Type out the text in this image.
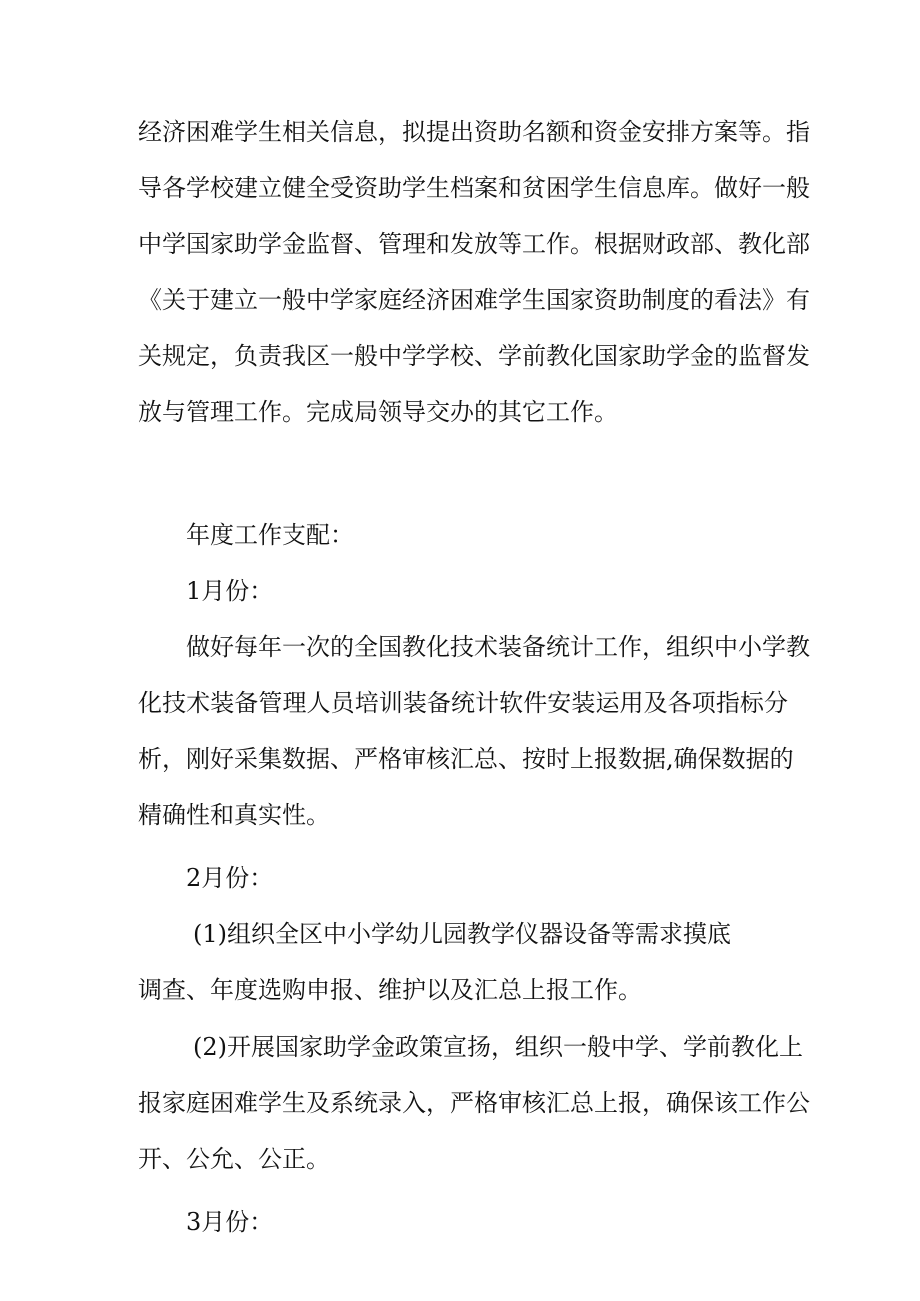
经济困难学生相关信息，拟提出资助名额和资金安排方案等。指
导各学校建立健全受资助学生档案和贫困学生信息库。做好一般
中学国家助学金监督、管理和发放等工作。根据财政部、教化部
《关于建立一般中学家庭经济困难学生国家资助制度的看法》有
关规定，负责我区一般中学学校、学前教化国家助学金的监督发
放与管理工作。完成局领导交办的其它工作。
年度工作支配：
1月份：
做好每年一次的全国教化技术装备统计工作，组织中小学教
化技术装备管理人员培训装备统计软件安装运用及各项指标分
析，刚好采集数据、严格审核汇总、按时上报数据,确保数据的
精确性和真实性。
2月份：
(1)组织全区中小学幼儿园教学仪器设备等需求摸底
调查、年度选购申报、维护以及汇总上报工作。
(2)开展国家助学金政策宣扬，组织一般中学、学前教化上
报家庭困难学生及系统录入，严格审核汇总上报，确保该工作公
开、公允、公正。
3月份：
